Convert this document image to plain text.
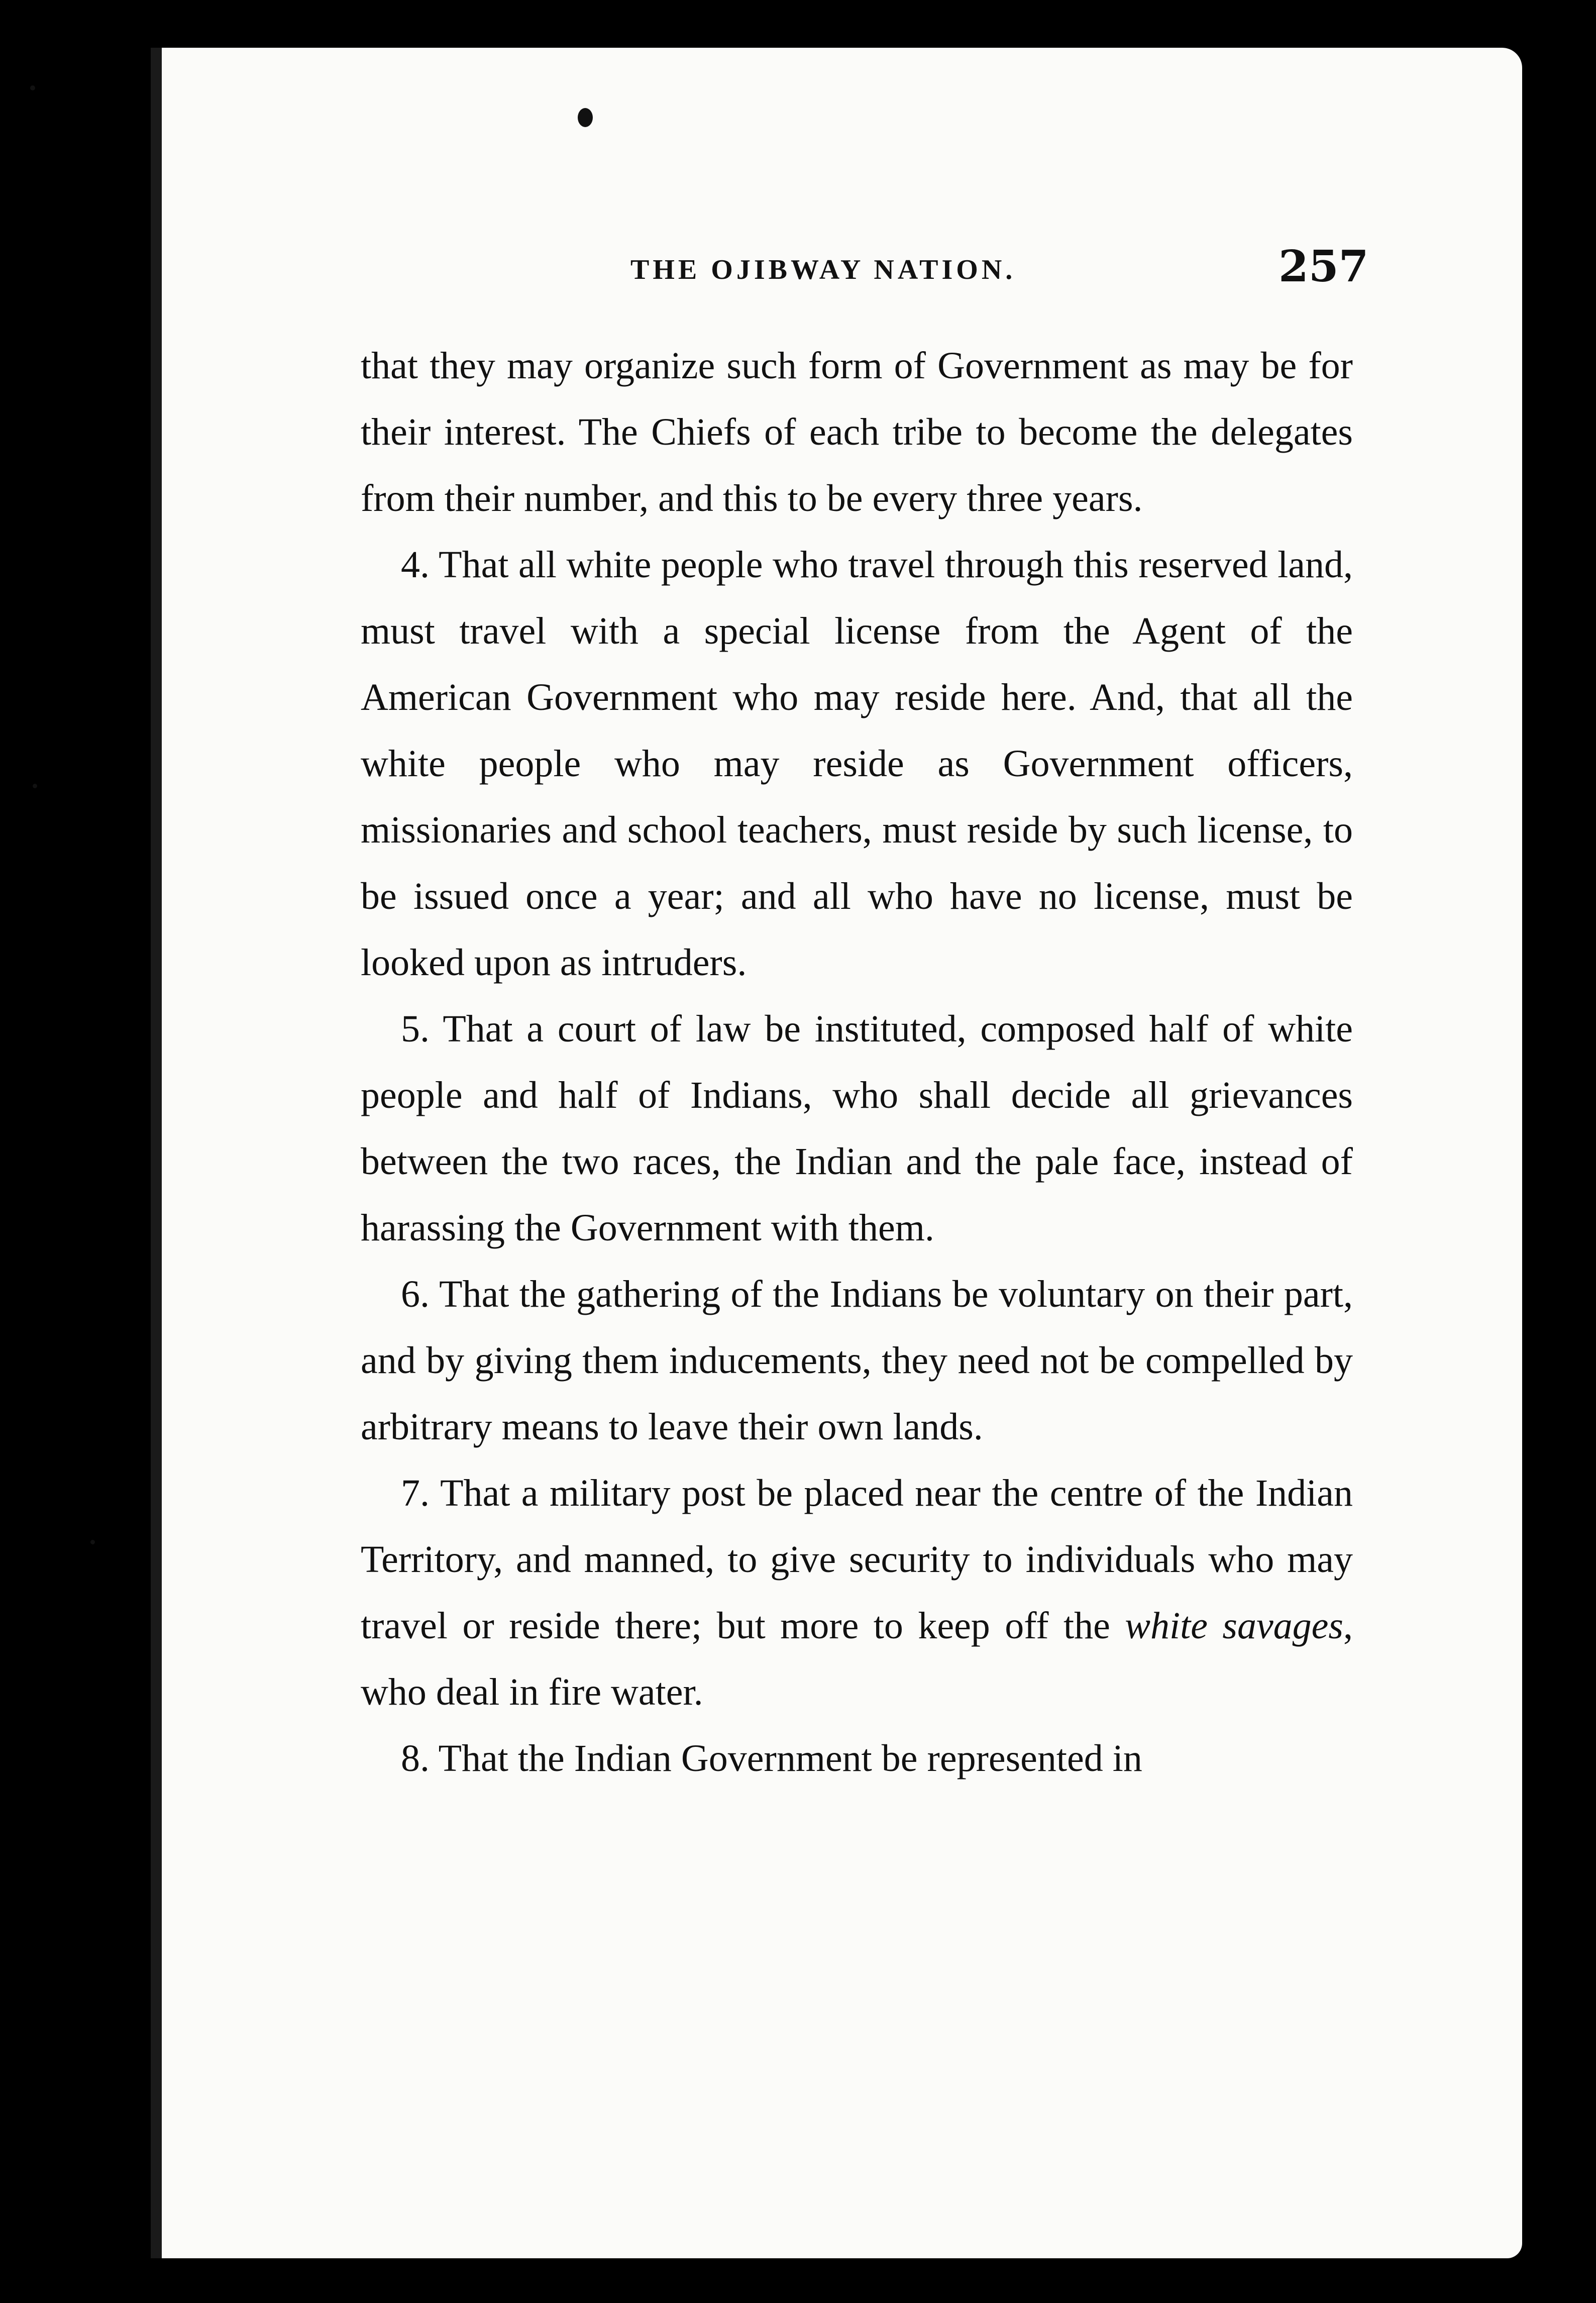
THE OJIBWAY NATION.	257

that they may organize such form of Government as may be for their interest. The Chiefs of each tribe to become the delegates from their number, and this to be every three years.

4. That all white people who travel through this reserved land, must travel with a special license from the Agent of the American Government who may reside here. And, that all the white people who may reside as Government officers, missionaries and school teachers, must reside by such license, to be issued once a year; and all who have no license, must be looked upon as intruders.

5. That a court of law be instituted, composed half of white people and half of Indians, who shall decide all grievances between the two races, the Indian and the pale face, instead of harassing the Government with them.

6. That the gathering of the Indians be voluntary on their part, and by giving them inducements, they need not be compelled by arbitrary means to leave their own lands.

7. That a military post be placed near the centre of the Indian Territory, and manned, to give security to individuals who may travel or reside there; but more to keep off the white savages, who deal in fire water.

8. That the Indian Government be represented in
